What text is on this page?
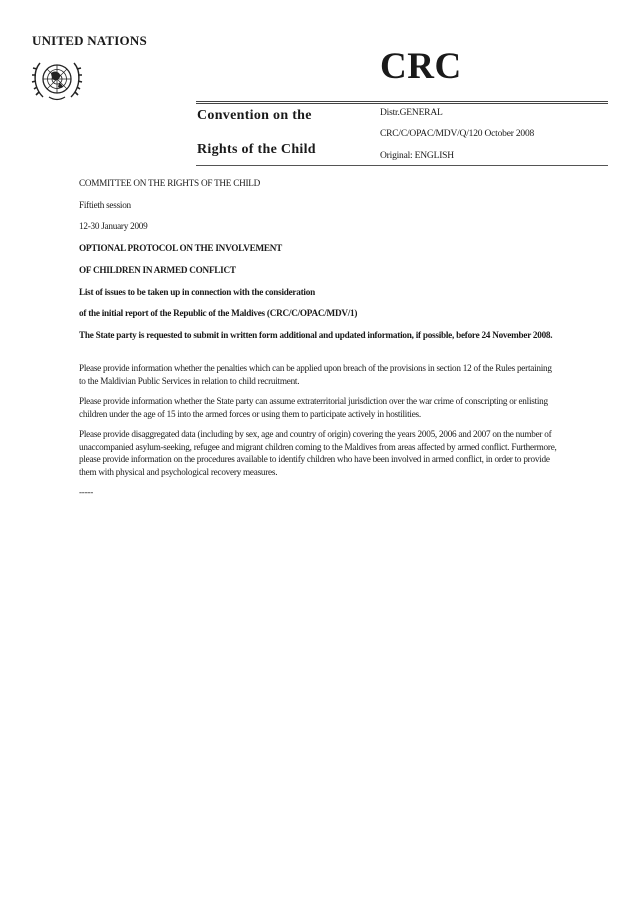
UNITED NATIONS
CRC
Convention on the
Rights of the Child
Distr.GENERAL
CRC/C/OPAC/MDV/Q/120 October 2008
Original: ENGLISH
COMMITTEE ON THE RIGHTS OF THE CHILD
Fiftieth session
12-30 January 2009
OPTIONAL PROTOCOL ON THE INVOLVEMENT
OF CHILDREN IN ARMED CONFLICT
List of issues to be taken up in connection with the consideration
of the initial report of the Republic of the Maldives (CRC/C/OPAC/MDV/1)
The State party is requested to submit in written form additional and updated information, if possible, before 24 November 2008.
Please provide information whether the penalties which can be applied upon breach of the provisions in section 12 of the Rules pertaining to the Maldivian Public Services in relation to child recruitment.
Please provide information whether the State party can assume extraterritorial jurisdiction over the war crime of conscripting or enlisting children under the age of 15 into the armed forces or using them to participate actively in hostilities.
Please provide disaggregated data (including by sex, age and country of origin) covering the years 2005, 2006 and 2007 on the number of unaccompanied asylum-seeking, refugee and migrant children coming to the Maldives from areas affected by armed conflict. Furthermore, please provide information on the procedures available to identify children who have been involved in armed conflict, in order to provide them with physical and psychological recovery measures.
-----
